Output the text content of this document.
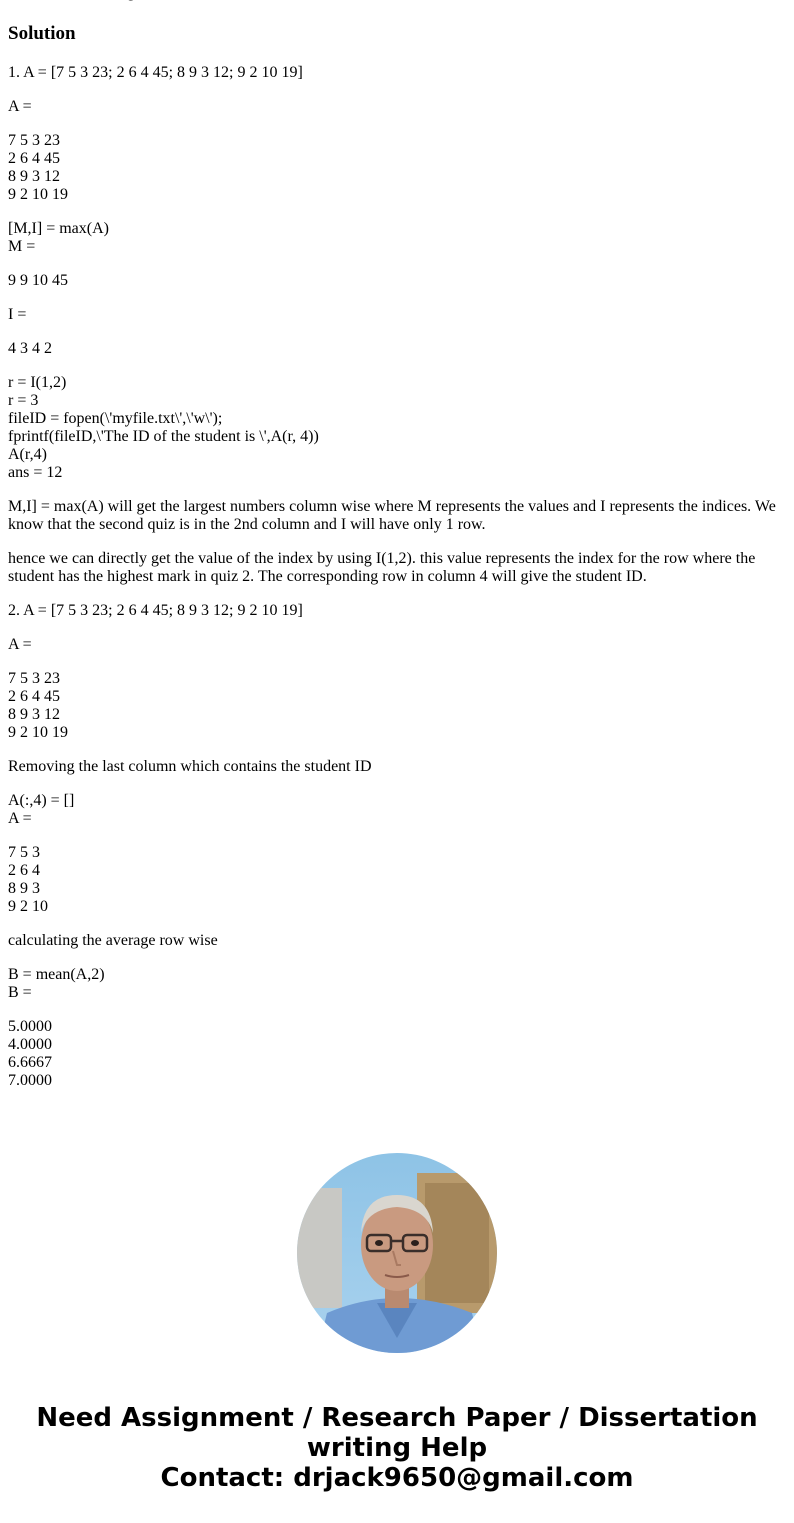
Solution

1. A = [7 5 3 23; 2 6 4 45; 8 9 3 12; 9 2 10 19]

A =

7 5 3 23
2 6 4 45
8 9 3 12
9 2 10 19

[M,I] = max(A)
M =

9 9 10 45

I =

4 3 4 2

r = I(1,2)
r = 3
fileID = fopen(\'myfile.txt\',\'w\');
fprintf(fileID,\'The ID of the student is \',A(r, 4))
A(r,4)
ans = 12

M,I] = max(A) will get the largest numbers column wise where M represents the values and I represents the indices. We know that the second quiz is in the 2nd column and I will have only 1 row.

hence we can directly get the value of the index by using I(1,2). this value represents the index for the row where the student has the highest mark in quiz 2. The corresponding row in column 4 will give the student ID.

2. A = [7 5 3 23; 2 6 4 45; 8 9 3 12; 9 2 10 19]

A =

7 5 3 23
2 6 4 45
8 9 3 12
9 2 10 19

Removing the last column which contains the student ID

A(:,4) = []
A =

7 5 3
2 6 4
8 9 3
9 2 10

calculating the average row wise

B = mean(A,2)
B =

5.0000
4.0000
6.6667
7.0000

Need Assignment / Research Paper / Dissertation
writing Help
Contact: drjack9650@gmail.com
